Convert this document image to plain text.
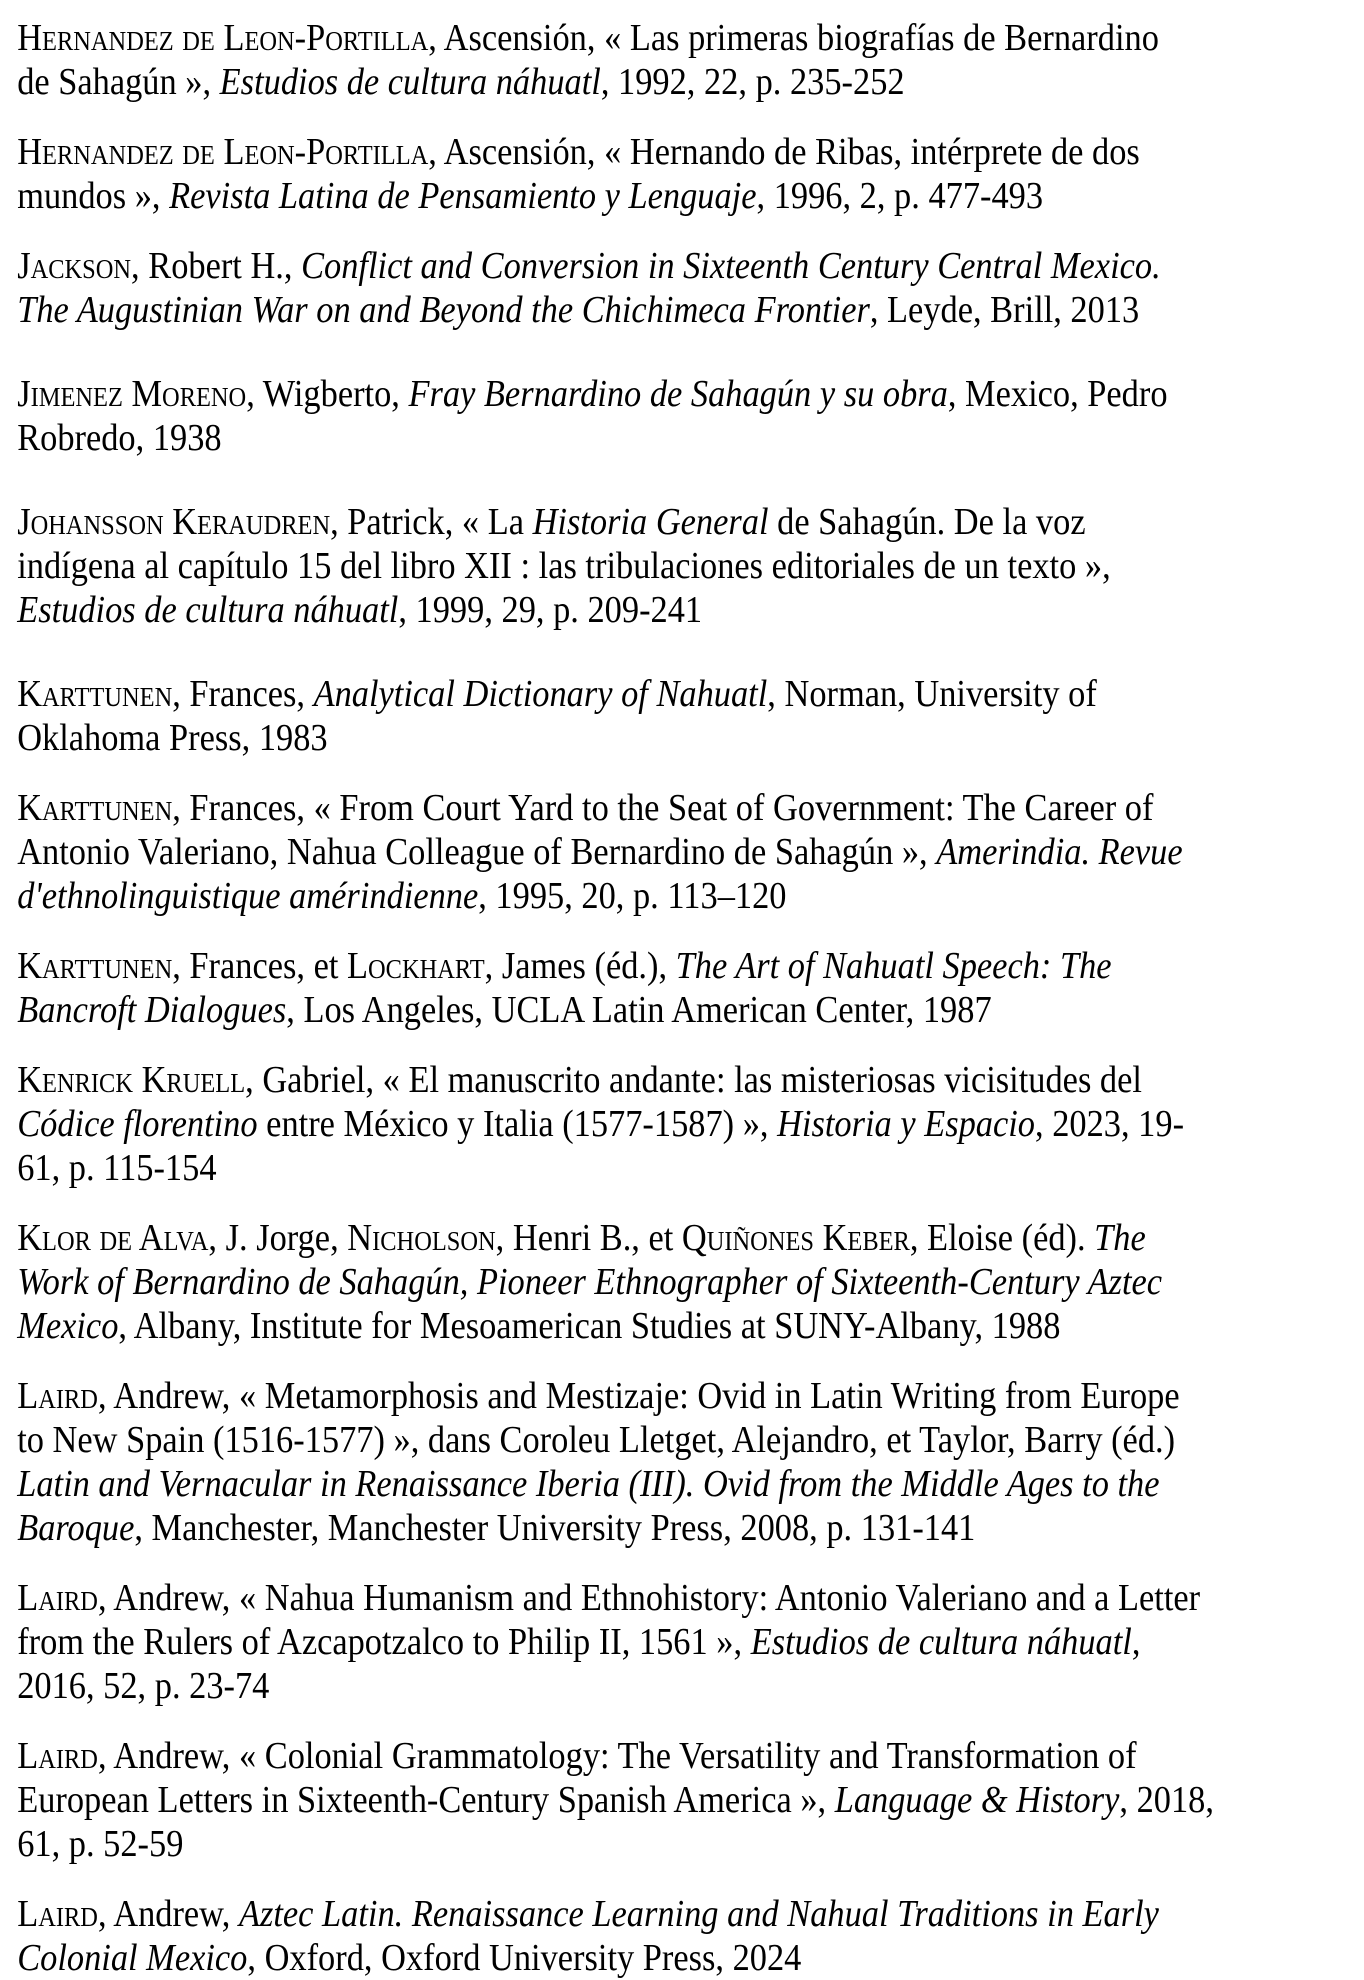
Hernandez de Leon-Portilla, Ascensión, « Las primeras biografías de Bernardino
de Sahagún », Estudios de cultura náhuatl, 1992, 22, p. 235-252

Hernandez de Leon-Portilla, Ascensión, « Hernando de Ribas, intérprete de dos
mundos », Revista Latina de Pensamiento y Lenguaje, 1996, 2, p. 477-493

Jackson, Robert H., Conflict and Conversion in Sixteenth Century Central Mexico.
The Augustinian War on and Beyond the Chichimeca Frontier, Leyde, Brill, 2013

Jimenez Moreno, Wigberto, Fray Bernardino de Sahagún y su obra, Mexico, Pedro
Robredo, 1938

Johansson Keraudren, Patrick, « La Historia General de Sahagún. De la voz
indígena al capítulo 15 del libro XII : las tribulaciones editoriales de un texto »,
Estudios de cultura náhuatl, 1999, 29, p. 209-241

Karttunen, Frances, Analytical Dictionary of Nahuatl, Norman, University of
Oklahoma Press, 1983

Karttunen, Frances, « From Court Yard to the Seat of Government: The Career of
Antonio Valeriano, Nahua Colleague of Bernardino de Sahagún », Amerindia. Revue
d'ethnolinguistique amérindienne, 1995, 20, p. 113–120

Karttunen, Frances, et Lockhart, James (éd.), The Art of Nahuatl Speech: The
Bancroft Dialogues, Los Angeles, UCLA Latin American Center, 1987

Kenrick Kruell, Gabriel, « El manuscrito andante: las misteriosas vicisitudes del
Códice florentino entre México y Italia (1577-1587) », Historia y Espacio, 2023, 19-
61, p. 115-154

Klor de Alva, J. Jorge, Nicholson, Henri B., et Quiñones Keber, Eloise (éd). The
Work of Bernardino de Sahagún, Pioneer Ethnographer of Sixteenth-Century Aztec
Mexico, Albany, Institute for Mesoamerican Studies at SUNY-Albany, 1988

Laird, Andrew, « Metamorphosis and Mestizaje: Ovid in Latin Writing from Europe
to New Spain (1516-1577) », dans Coroleu Lletget, Alejandro, et Taylor, Barry (éd.)
Latin and Vernacular in Renaissance Iberia (III). Ovid from the Middle Ages to the
Baroque, Manchester, Manchester University Press, 2008, p. 131-141

Laird, Andrew, « Nahua Humanism and Ethnohistory: Antonio Valeriano and a Letter
from the Rulers of Azcapotzalco to Philip II, 1561 », Estudios de cultura náhuatl,
2016, 52, p. 23-74

Laird, Andrew, « Colonial Grammatology: The Versatility and Transformation of
European Letters in Sixteenth-Century Spanish America », Language & History, 2018,
61, p. 52-59

Laird, Andrew, Aztec Latin. Renaissance Learning and Nahual Traditions in Early
Colonial Mexico, Oxford, Oxford University Press, 2024
